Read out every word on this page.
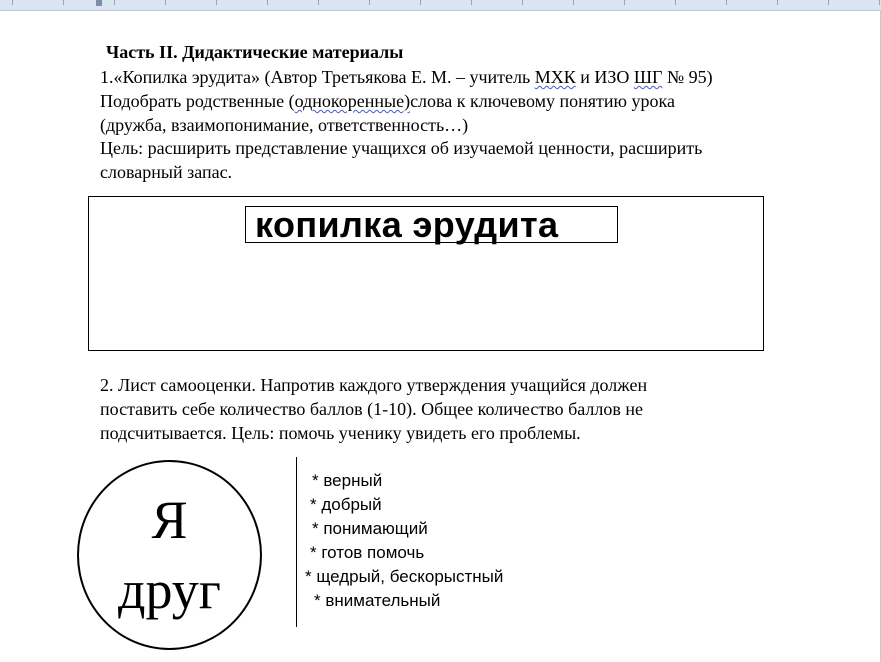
Часть II. Дидактические материалы
1.«Копилка эрудита» (Автор Третьякова Е. М. – учитель МХК и ИЗО ШГ № 95)
Подобрать родственные (однокоренные)слова к ключевому понятию урока
(дружба, взаимопонимание, ответственность…)
Цель: расширить представление учащихся об изучаемой ценности, расширить
словарный запас.
копилка эрудита
2. Лист самооценки. Напротив каждого утверждения учащийся должен
поставить себе количество баллов (1-10). Общее количество баллов не
подсчитывается. Цель: помочь ученику увидеть его проблемы.
Я
друг
* верный
* добрый
* понимающий
* готов помочь
* щедрый, бескорыстный
* внимательный
